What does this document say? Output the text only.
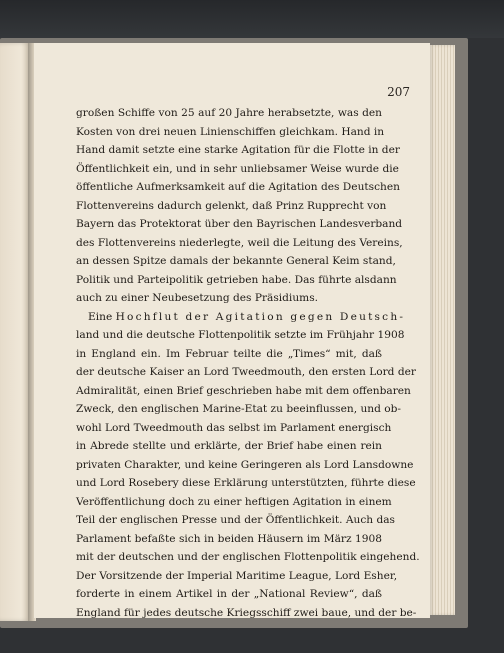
207
großen Schiffe von 25 auf 20 Jahre herabsetzte, was den
Kosten von drei neuen Linienschiffen gleichkam. Hand in
Hand damit setzte eine starke Agitation für die Flotte in der
Öffentlichkeit ein, und in sehr unliebsamer Weise wurde die
öffentliche Aufmerksamkeit auf die Agitation des Deutschen
Flottenvereins dadurch gelenkt, daß Prinz Rupprecht von
Bayern das Protektorat über den Bayrischen Landesverband
des Flottenvereins niederlegte, weil die Leitung des Vereins,
an dessen Spitze damals der bekannte General Keim stand,
Politik und Parteipolitik getrieben habe. Das führte alsdann
auch zu einer Neubesetzung des Präsidiums.
Eine Hochflut der Agitation gegen Deutsch-
land und die deutsche Flottenpolitik setzte im Frühjahr 1908
in England ein. Im Februar teilte die „Times“ mit, daß
der deutsche Kaiser an Lord Tweedmouth, den ersten Lord der
Admiralität, einen Brief geschrieben habe mit dem offenbaren
Zweck, den englischen Marine-Etat zu beeinflussen, und ob-
wohl Lord Tweedmouth das selbst im Parlament energisch
in Abrede stellte und erklärte, der Brief habe einen rein
privaten Charakter, und keine Geringeren als Lord Lansdowne
und Lord Rosebery diese Erklärung unterstützten, führte diese
Veröffentlichung doch zu einer heftigen Agitation in einem
Teil der englischen Presse und der Öffentlichkeit. Auch das
Parlament befaßte sich in beiden Häusern im März 1908
mit der deutschen und der englischen Flottenpolitik eingehend.
Der Vorsitzende der Imperial Maritime League, Lord Esher,
forderte in einem Artikel in der „National Review“, daß
England für jedes deutsche Kriegsschiff zwei baue, und der be-
